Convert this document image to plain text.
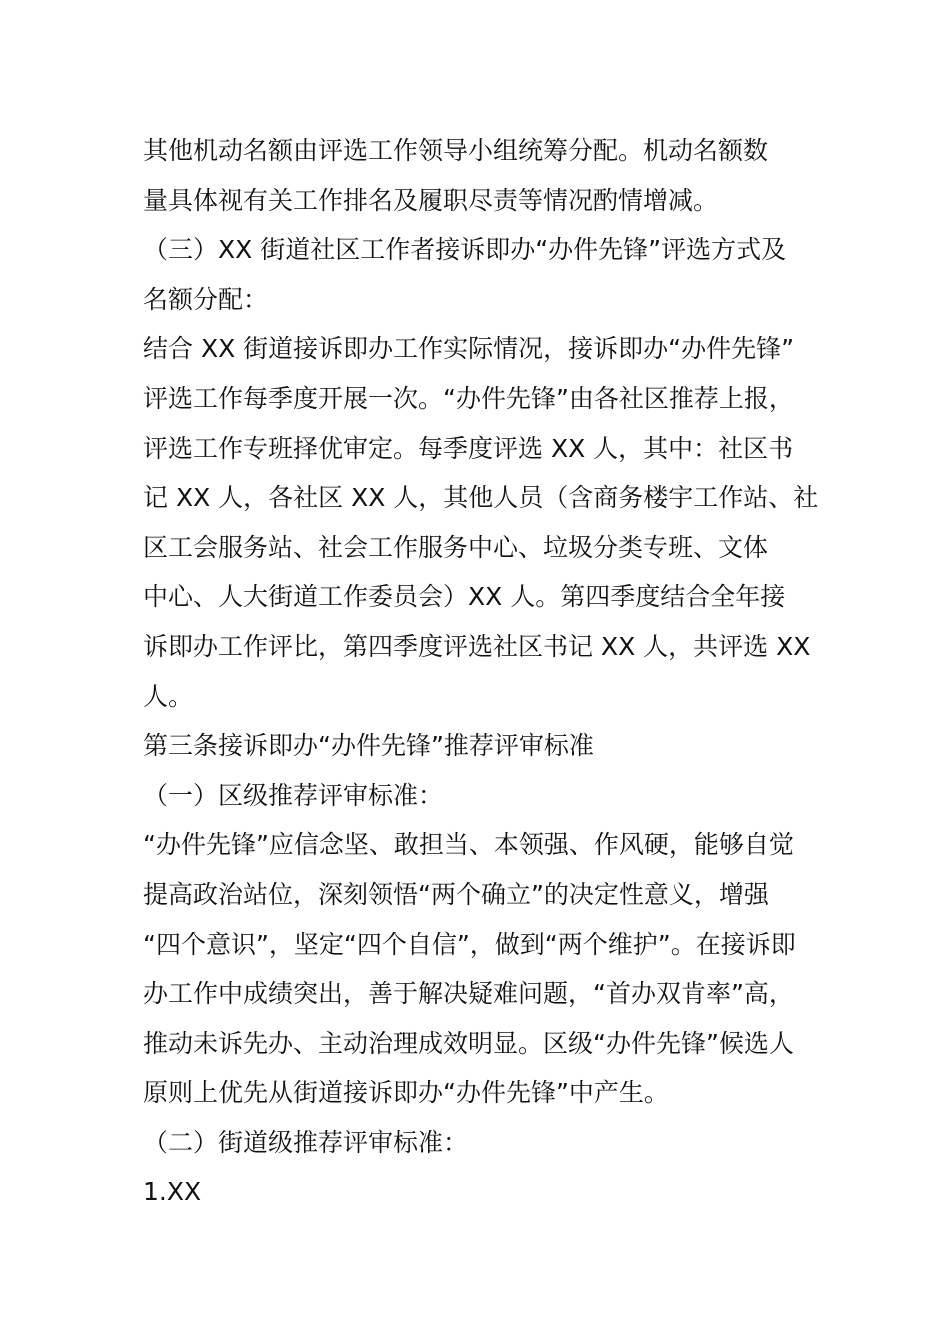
其他机动名额由评选工作领导小组统筹分配。机动名额数
量具体视有关工作排名及履职尽责等情况酌情增减。
（三）XX 街道社区工作者接诉即办“办件先锋”评选方式及
名额分配：
结合 XX 街道接诉即办工作实际情况，接诉即办“办件先锋”
评选工作每季度开展一次。“办件先锋”由各社区推荐上报，
评选工作专班择优审定。每季度评选 XX 人，其中：社区书
记 XX 人，各社区 XX 人，其他人员（含商务楼宇工作站、社
区工会服务站、社会工作服务中心、垃圾分类专班、文体
中心、人大街道工作委员会）XX 人。第四季度结合全年接
诉即办工作评比，第四季度评选社区书记 XX 人，共评选 XX
人。
第三条接诉即办“办件先锋”推荐评审标准
（一）区级推荐评审标准：
“办件先锋”应信念坚、敢担当、本领强、作风硬，能够自觉
提高政治站位，深刻领悟“两个确立”的决定性意义，增强
“四个意识”，坚定“四个自信”，做到“两个维护”。在接诉即
办工作中成绩突出，善于解决疑难问题，“首办双肯率”高，
推动未诉先办、主动治理成效明显。区级“办件先锋”候选人
原则上优先从街道接诉即办“办件先锋”中产生。
（二）街道级推荐评审标准：
1.XX
